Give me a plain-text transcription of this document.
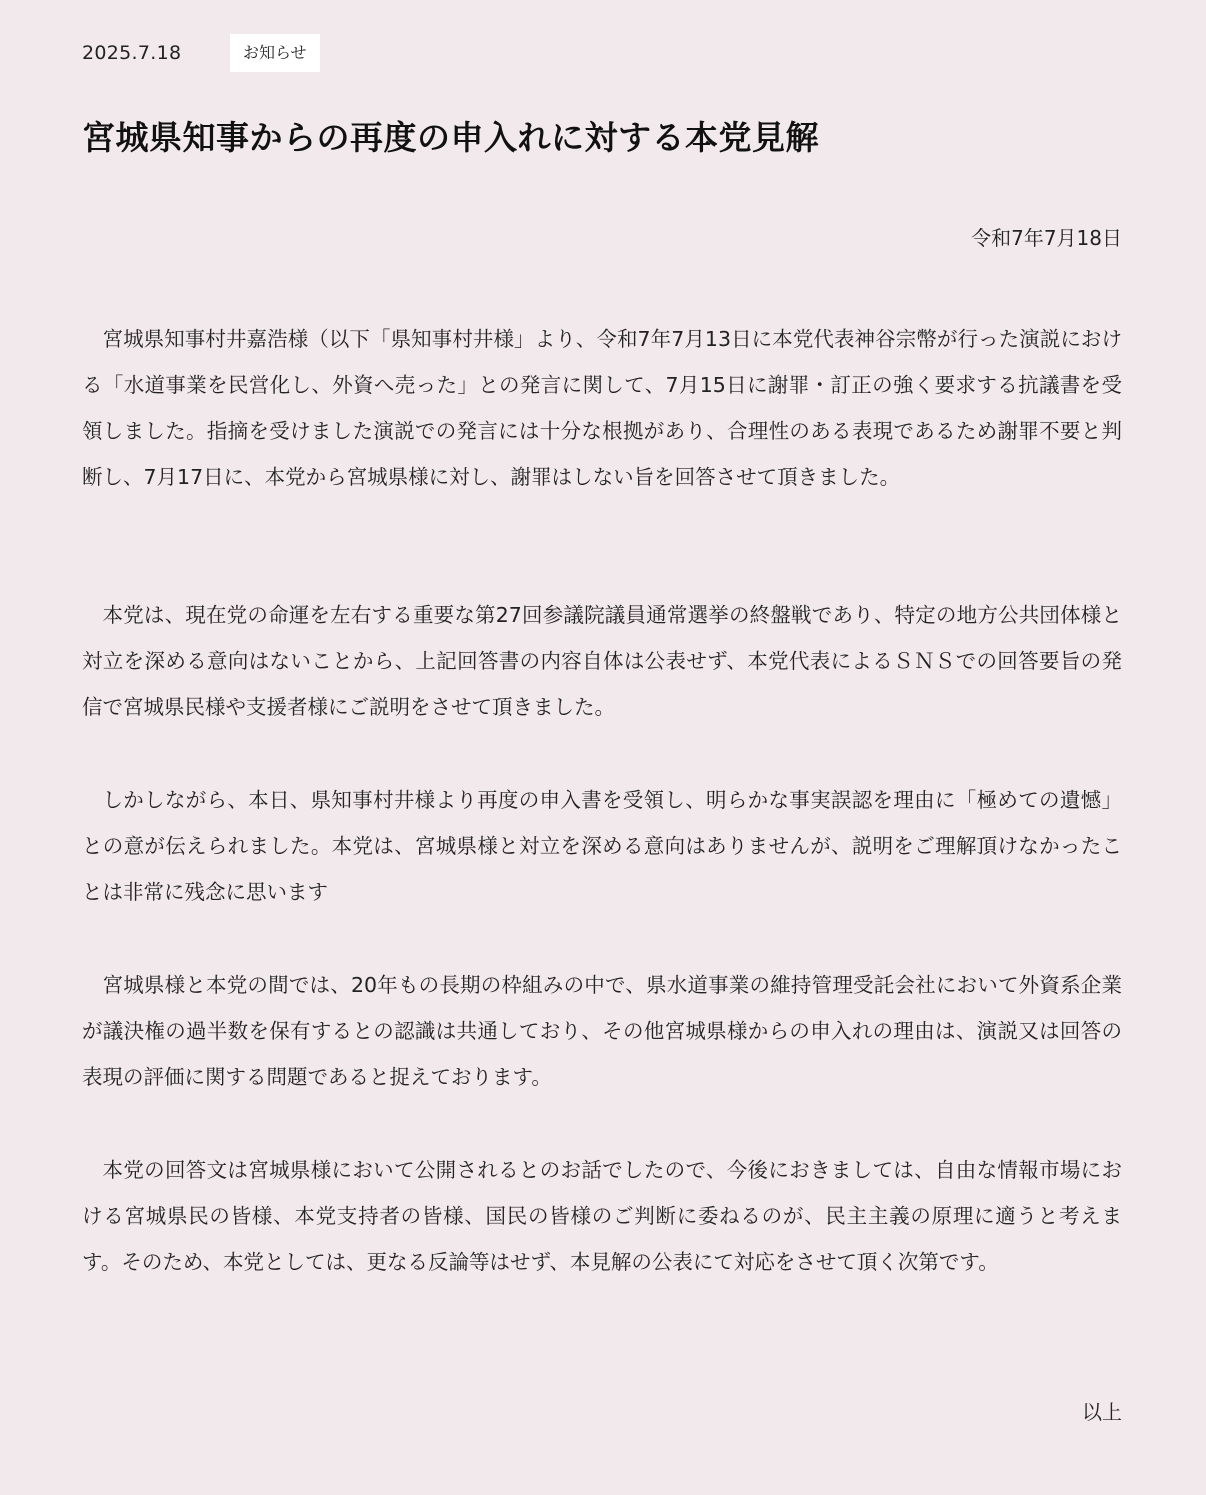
2025.7.18	お知らせ
宮城県知事からの再度の申入れに対する本党見解
令和7年7月18日

宮城県知事村井嘉浩様（以下「県知事村井様」より、令和7年7月13日に本党代表神谷宗幣が行った演説における「水道事業を民営化し、外資へ売った」との発言に関して、7月15日に謝罪・訂正の強く要求する抗議書を受領しました。指摘を受けました演説での発言には十分な根拠があり、合理性のある表現であるため謝罪不要と判断し、7月17日に、本党から宮城県様に対し、謝罪はしない旨を回答させて頂きました。

本党は、現在党の命運を左右する重要な第27回参議院議員通常選挙の終盤戦であり、特定の地方公共団体様と対立を深める意向はないことから、上記回答書の内容自体は公表せず、本党代表によるＳＮＳでの回答要旨の発信で宮城県民様や支援者様にご説明をさせて頂きました。

しかしながら、本日、県知事村井様より再度の申入書を受領し、明らかな事実誤認を理由に「極めての遺憾」との意が伝えられました。本党は、宮城県様と対立を深める意向はありませんが、説明をご理解頂けなかったことは非常に残念に思います

宮城県様と本党の間では、20年もの長期の枠組みの中で、県水道事業の維持管理受託会社において外資系企業が議決権の過半数を保有するとの認識は共通しており、その他宮城県様からの申入れの理由は、演説又は回答の表現の評価に関する問題であると捉えております。

本党の回答文は宮城県様において公開されるとのお話でしたので、今後におきましては、自由な情報市場における宮城県民の皆様、本党支持者の皆様、国民の皆様のご判断に委ねるのが、民主主義の原理に適うと考えます。そのため、本党としては、更なる反論等はせず、本見解の公表にて対応をさせて頂く次第です。

以上
